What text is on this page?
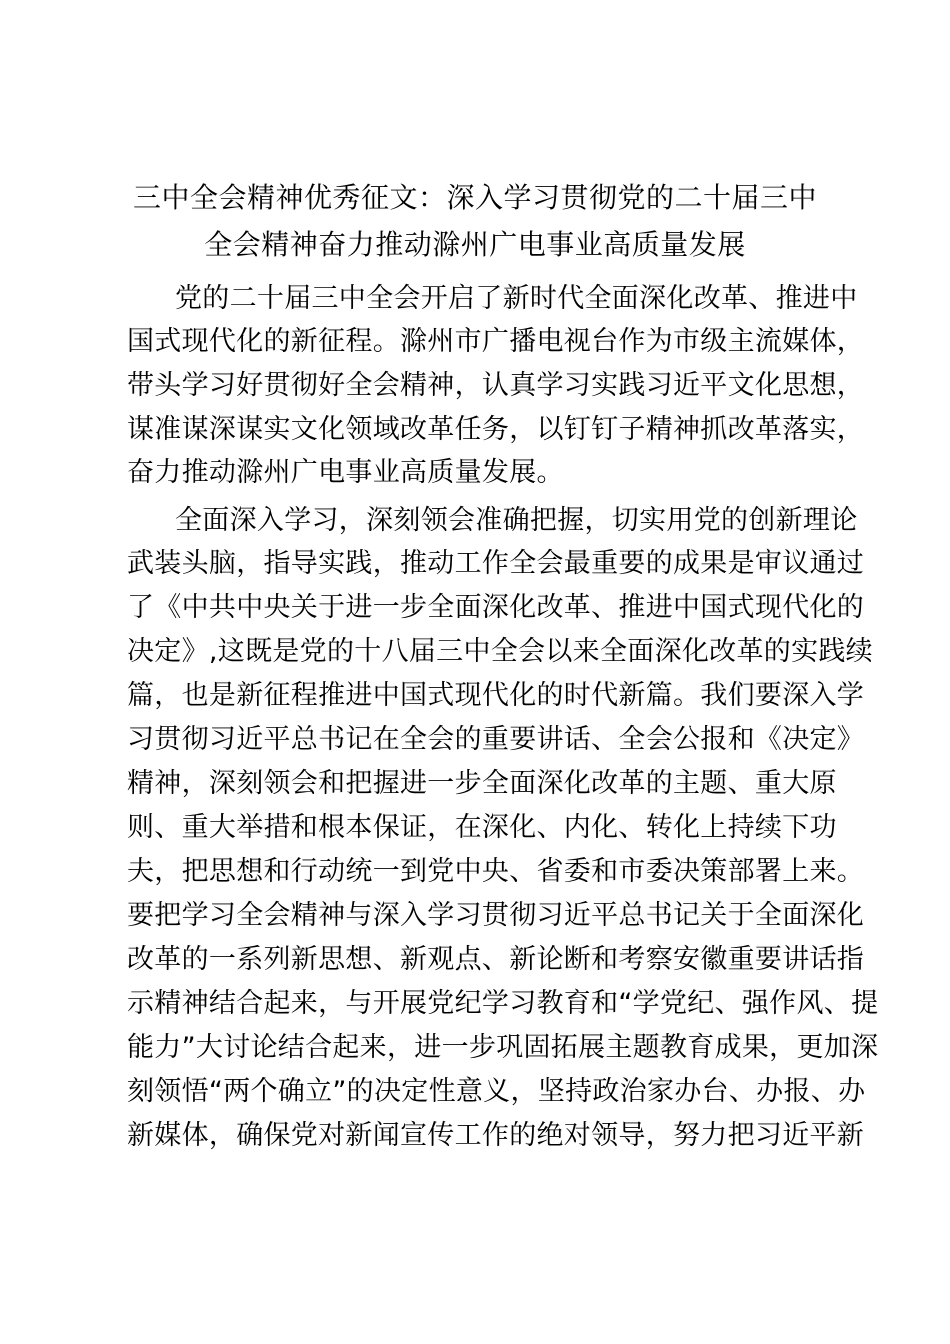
三中全会精神优秀征文：深入学习贯彻党的二十届三中
全会精神奋力推动滁州广电事业高质量发展

党的二十届三中全会开启了新时代全面深化改革、推进中

国式现代化的新征程。滁州市广播电视台作为市级主流媒体，

带头学习好贯彻好全会精神，认真学习实践习近平文化思想，

谋准谋深谋实文化领域改革任务，以钉钉子精神抓改革落实，

奋力推动滁州广电事业高质量发展。

全面深入学习，深刻领会准确把握，切实用党的创新理论

武装头脑，指导实践，推动工作全会最重要的成果是审议通过

了《中共中央关于进一步全面深化改革、推进中国式现代化的

决定》,这既是党的十八届三中全会以来全面深化改革的实践续

篇，也是新征程推进中国式现代化的时代新篇。我们要深入学

习贯彻习近平总书记在全会的重要讲话、全会公报和《决定》

精神，深刻领会和把握进一步全面深化改革的主题、重大原

则、重大举措和根本保证，在深化、内化、转化上持续下功

夫，把思想和行动统一到党中央、省委和市委决策部署上来。

要把学习全会精神与深入学习贯彻习近平总书记关于全面深化

改革的一系列新思想、新观点、新论断和考察安徽重要讲话指

示精神结合起来，与开展党纪学习教育和“学党纪、强作风、提

能力”大讨论结合起来，进一步巩固拓展主题教育成果，更加深

刻领悟“两个确立”的决定性意义，坚持政治家办台、办报、办

新媒体，确保党对新闻宣传工作的绝对领导，努力把习近平新
